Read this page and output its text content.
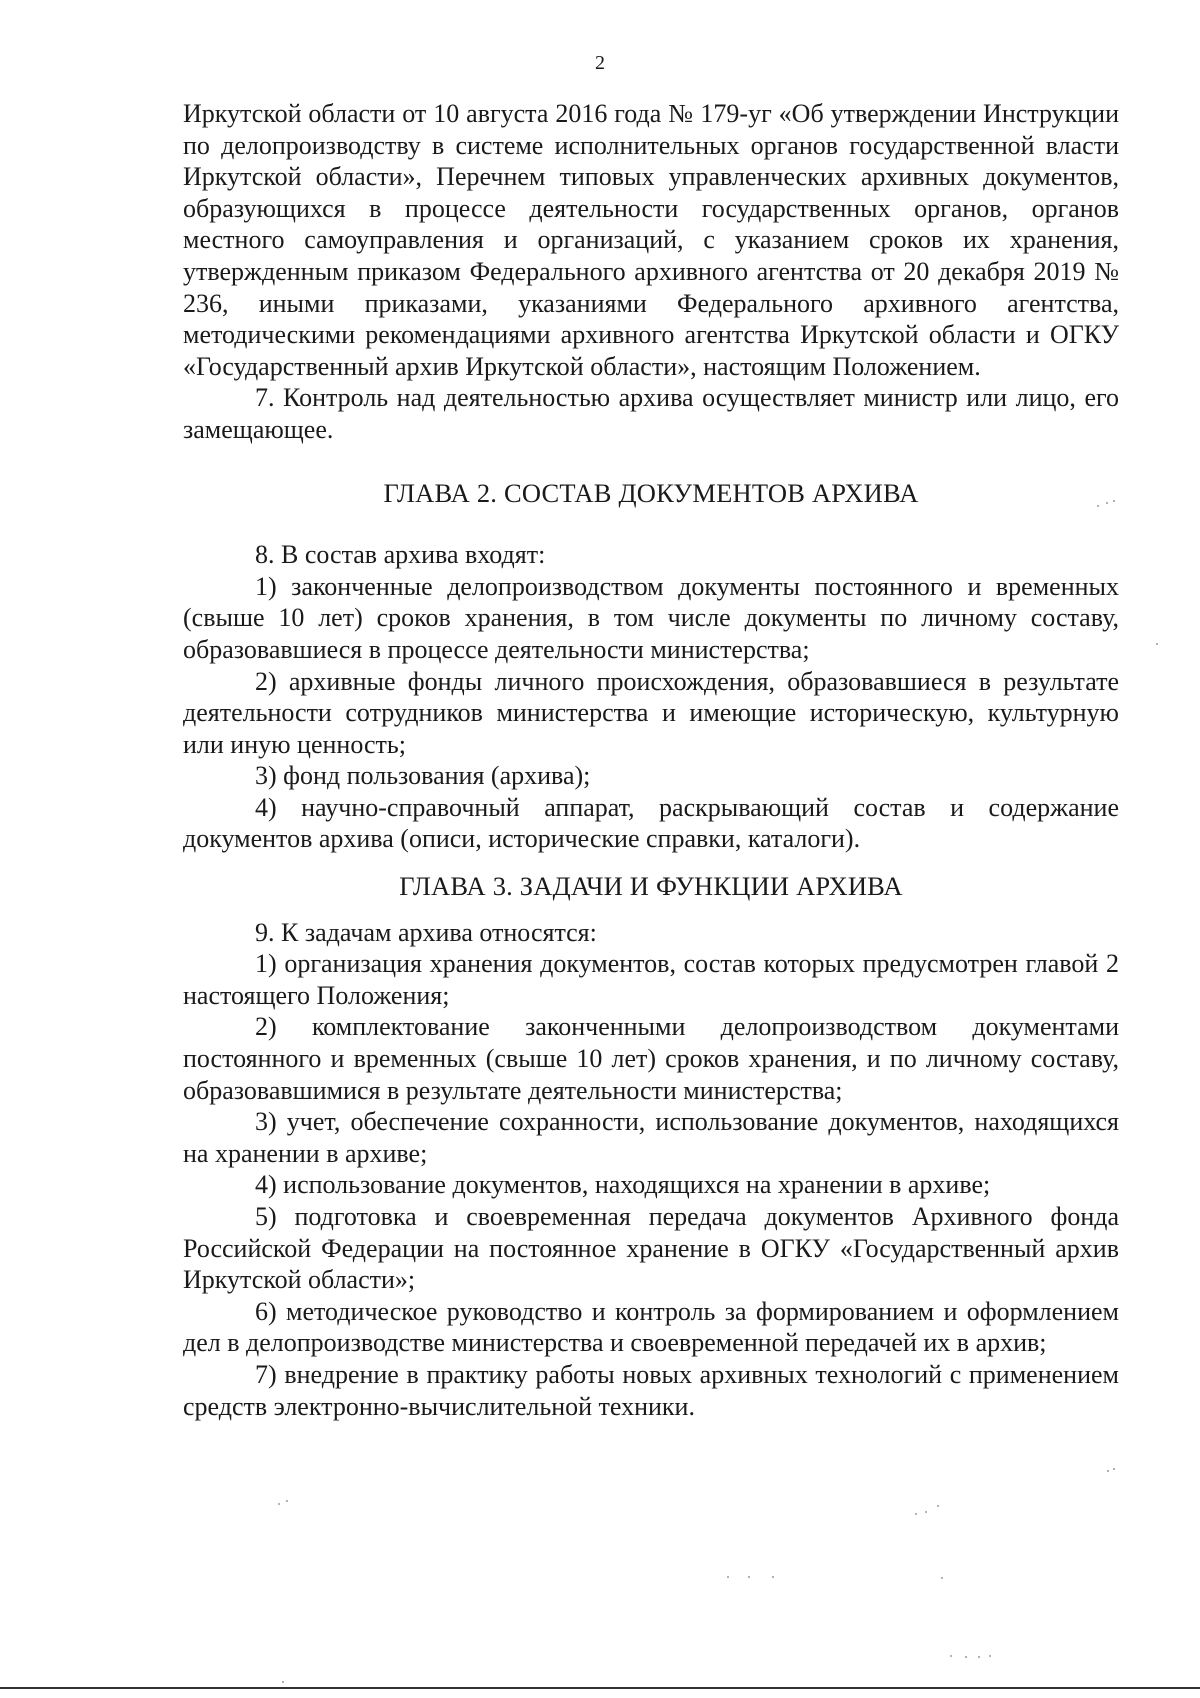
2

Иркутской области от 10 августа 2016 года № 179-уг «Об утверждении Инструкции по делопроизводству в системе исполнительных органов государственной власти Иркутской области», Перечнем типовых управленческих архивных документов, образующихся в процессе деятельности государственных органов, органов местного самоуправления и организаций, с указанием сроков их хранения, утвержденным приказом Федерального архивного агентства от 20 декабря 2019 № 236, иными приказами, указаниями Федерального архивного агентства, методическими рекомендациями архивного агентства Иркутской области и ОГКУ «Государственный архив Иркутской области», настоящим Положением.

7. Контроль над деятельностью архива осуществляет министр или лицо, его замещающее.

ГЛАВА 2. СОСТАВ ДОКУМЕНТОВ АРХИВА

8. В состав архива входят:

1) законченные делопроизводством документы постоянного и временных (свыше 10 лет) сроков хранения, в том числе документы по личному составу, образовавшиеся в процессе деятельности министерства;

2) архивные фонды личного происхождения, образовавшиеся в результате деятельности сотрудников министерства и имеющие историческую, культурную или иную ценность;

3) фонд пользования (архива);

4) научно-справочный аппарат, раскрывающий состав и содержание документов архива (описи, исторические справки, каталоги).

ГЛАВА 3. ЗАДАЧИ И ФУНКЦИИ АРХИВА

9. К задачам архива относятся:

1) организация хранения документов, состав которых предусмотрен главой 2 настоящего Положения;

2) комплектование законченными делопроизводством документами постоянного и временных (свыше 10 лет) сроков хранения, и по личному составу, образовавшимися в результате деятельности министерства;

3) учет, обеспечение сохранности, использование документов, находящихся на хранении в архиве;

4) использование документов, находящихся на хранении в архиве;

5) подготовка и своевременная передача документов Архивного фонда Российской Федерации на постоянное хранение в ОГКУ «Государственный архив Иркутской области»;

6) методическое руководство и контроль за формированием и оформлением дел в делопроизводстве министерства и своевременной передачей их в архив;

7) внедрение в практику работы новых архивных технологий с применением средств электронно-вычислительной техники.
